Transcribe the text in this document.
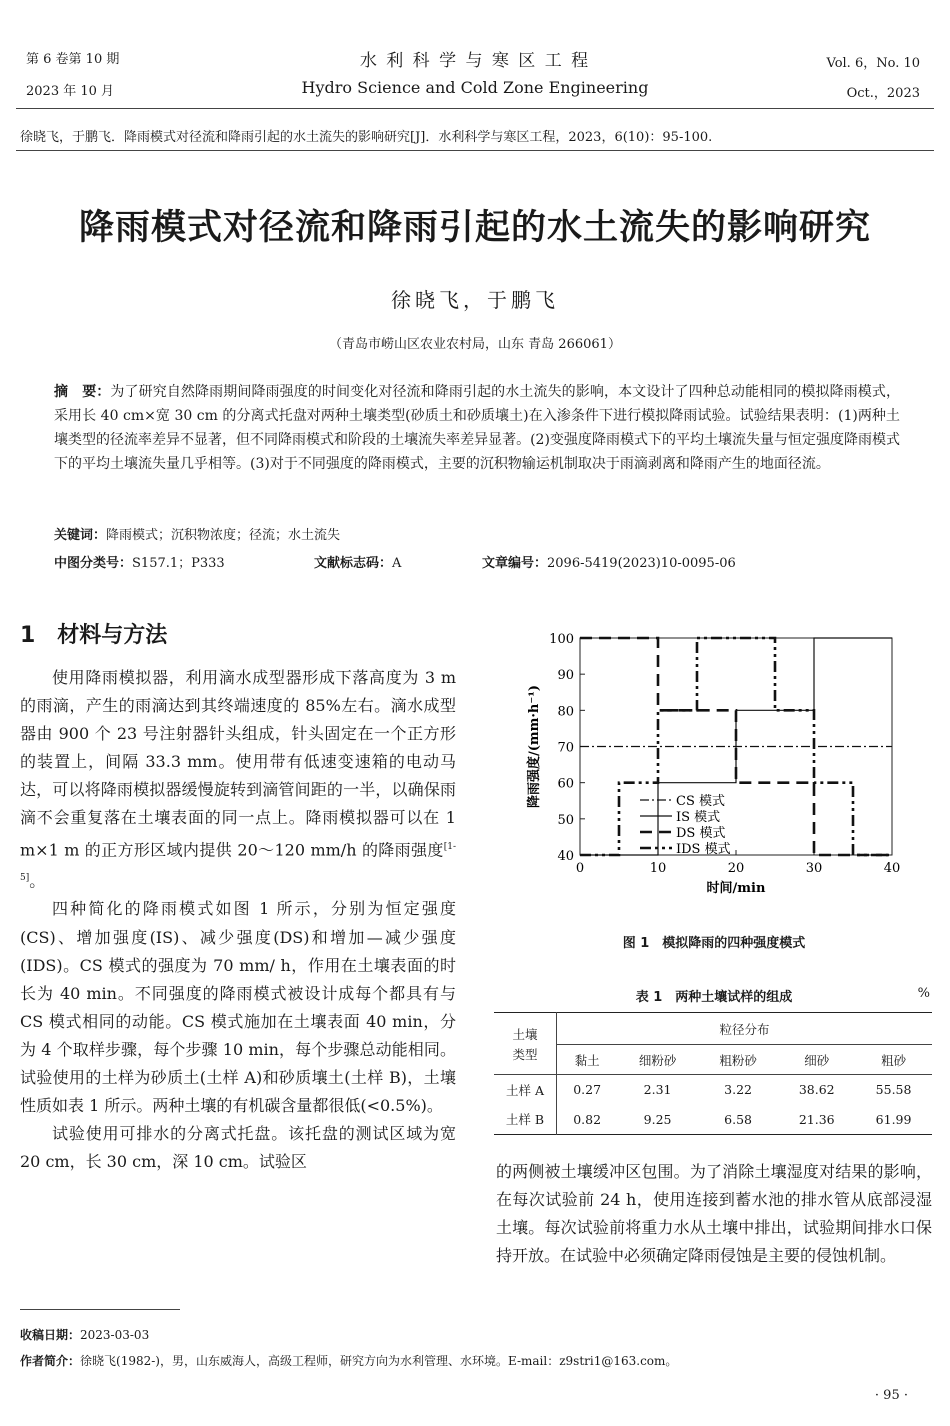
第 6 卷第 10 期	水 利 科 学 与 寒 区 工 程	Vol. 6，No. 10
2023 年 10 月	Hydro Science and Cold Zone Engineering	Oct.，2023
徐晓飞，于鹏飞．降雨模式对径流和降雨引起的水土流失的影响研究[J]．水利科学与寒区工程，2023，6(10)：95-100.
降雨模式对径流和降雨引起的水土流失的影响研究
徐晓飞，于鹏飞
（青岛市崂山区农业农村局，山东 青岛 266061）
摘　要：为了研究自然降雨期间降雨强度的时间变化对径流和降雨引起的水土流失的影响，本文设计了四种总动能相同的模拟降雨模式，采用长 40 cm×宽 30 cm 的分离式托盘对两种土壤类型(砂质土和砂质壤土)在入渗条件下进行模拟降雨试验。试验结果表明：(1)两种土壤类型的径流率差异不显著，但不同降雨模式和阶段的土壤流失率差异显著。(2)变强度降雨模式下的平均土壤流失量与恒定强度降雨模式下的平均土壤流失量几乎相等。(3)对于不同强度的降雨模式，主要的沉积物输运机制取决于雨滴剥离和降雨产生的地面径流。
关键词：降雨模式；沉积物浓度；径流；水土流失
中图分类号：S157.1；P333	文献标志码：A	文章编号：2096-5419(2023)10-0095-06
1　材料与方法

使用降雨模拟器，利用滴水成型器形成下落高度为 3 m 的雨滴，产生的雨滴达到其终端速度的 85%左右。滴水成型器由 900 个 23 号注射器针头组成，针头固定在一个正方形的装置上，间隔 33.3 mm。使用带有低速变速箱的电动马达，可以将降雨模拟器缓慢旋转到滴管间距的一半，以确保雨滴不会重复落在土壤表面的同一点上。降雨模拟器可以在 1 m×1 m 的正方形区域内提供 20～120 mm/h 的降雨强度[1-5]。

四种简化的降雨模式如图 1 所示，分别为恒定强度(CS)、增加强度(IS)、减少强度(DS)和增加—减少强度(IDS)。CS 模式的强度为 70 mm/ h，作用在土壤表面的时长为 40 min。不同强度的降雨模式被设计成每个都具有与 CS 模式相同的动能。CS 模式施加在土壤表面 40 min，分为 4 个取样步骤，每个步骤 10 min，每个步骤总动能相同。试验使用的土样为砂质土(土样 A)和砂质壤土(土样 B)，土壤性质如表 1 所示。两种土壤的有机碳含量都很低(<0.5%)。

试验使用可排水的分离式托盘。该托盘的测试区域为宽 20 cm，长 30 cm，深 10 cm。试验区

40
50
60
70
80
90
100
0	10	20	30	40
时间/min
降雨强度/(mm·h⁻¹)	CS 模式
IS 模式
DS 模式
IDS 模式
图 1　模拟降雨的四种强度模式
表 1　两种土壤试样的组成	%
土壤	粒径分布				
类型	黏土	细粉砂	粗粉砂	细砂	粗砂
土样 A	0.27	2.31	3.22	38.62	55.58
土样 B	0.82	9.25	6.58	21.36	61.99

的两侧被土壤缓冲区包围。为了消除土壤湿度对结果的影响，在每次试验前 24 h，使用连接到蓄水池的排水管从底部浸湿土壤。每次试验前将重力水从土壤中排出，试验期间排水口保持开放。在试验中必须确定降雨侵蚀是主要的侵蚀机制。

收稿日期：2023-03-03
作者简介：徐晓飞(1982-)，男，山东威海人，高级工程师，研究方向为水利管理、水环境。E-mail：z9stri1@163.com。
· 95 ·
